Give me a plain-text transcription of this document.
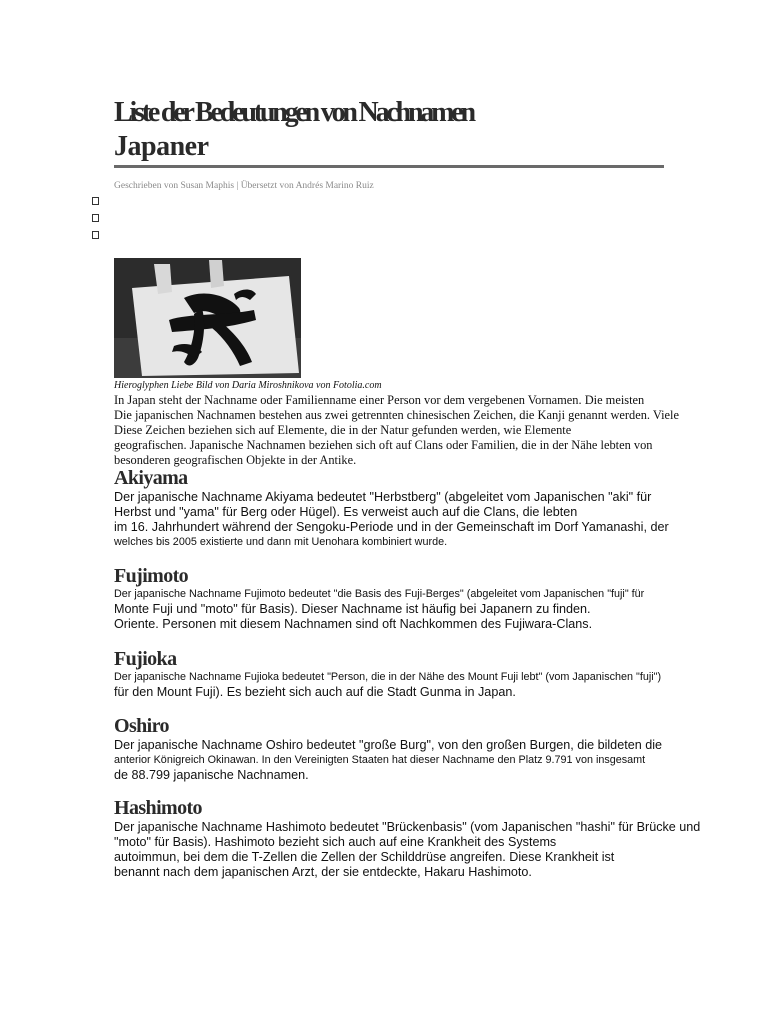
Liste der Bedeutungen von Nachnamen
Japaner
Geschrieben von Susan Maphis | Übersetzt von Andrés Marino Ruiz
Hieroglyphen Liebe Bild von Daria Miroshnikova von Fotolia.com

In Japan steht der Nachname oder Familienname einer Person vor dem vergebenen Vornamen. Die meisten
Die japanischen Nachnamen bestehen aus zwei getrennten chinesischen Zeichen, die Kanji genannt werden. Viele
Diese Zeichen beziehen sich auf Elemente, die in der Natur gefunden werden, wie Elemente
geografischen. Japanische Nachnamen beziehen sich oft auf Clans oder Familien, die in der Nähe lebten von
besonderen geografischen Objekte in der Antike.

Akiyama

Der japanische Nachname Akiyama bedeutet "Herbstberg" (abgeleitet vom Japanischen "aki" für
Herbst und "yama" für Berg oder Hügel). Es verweist auch auf die Clans, die lebten
im 16. Jahrhundert während der Sengoku-Periode und in der Gemeinschaft im Dorf Yamanashi, der
welches bis 2005 existierte und dann mit Uenohara kombiniert wurde.

Fujimoto

Der japanische Nachname Fujimoto bedeutet "die Basis des Fuji-Berges" (abgeleitet vom Japanischen "fuji" für
Monte Fuji und "moto" für Basis). Dieser Nachname ist häufig bei Japanern zu finden.
Oriente. Personen mit diesem Nachnamen sind oft Nachkommen des Fujiwara-Clans.

Fujioka

Der japanische Nachname Fujioka bedeutet "Person, die in der Nähe des Mount Fuji lebt" (vom Japanischen "fuji")
für den Mount Fuji). Es bezieht sich auch auf die Stadt Gunma in Japan.

Oshiro

Der japanische Nachname Oshiro bedeutet "große Burg", von den großen Burgen, die bildeten die
anterior Königreich Okinawan. In den Vereinigten Staaten hat dieser Nachname den Platz 9.791 von insgesamt
de 88.799 japanische Nachnamen.

Hashimoto

Der japanische Nachname Hashimoto bedeutet "Brückenbasis" (vom Japanischen "hashi" für Brücke und
"moto" für Basis). Hashimoto bezieht sich auch auf eine Krankheit des Systems
autoimmun, bei dem die T-Zellen die Zellen der Schilddrüse angreifen. Diese Krankheit ist
benannt nach dem japanischen Arzt, der sie entdeckte, Hakaru Hashimoto.
